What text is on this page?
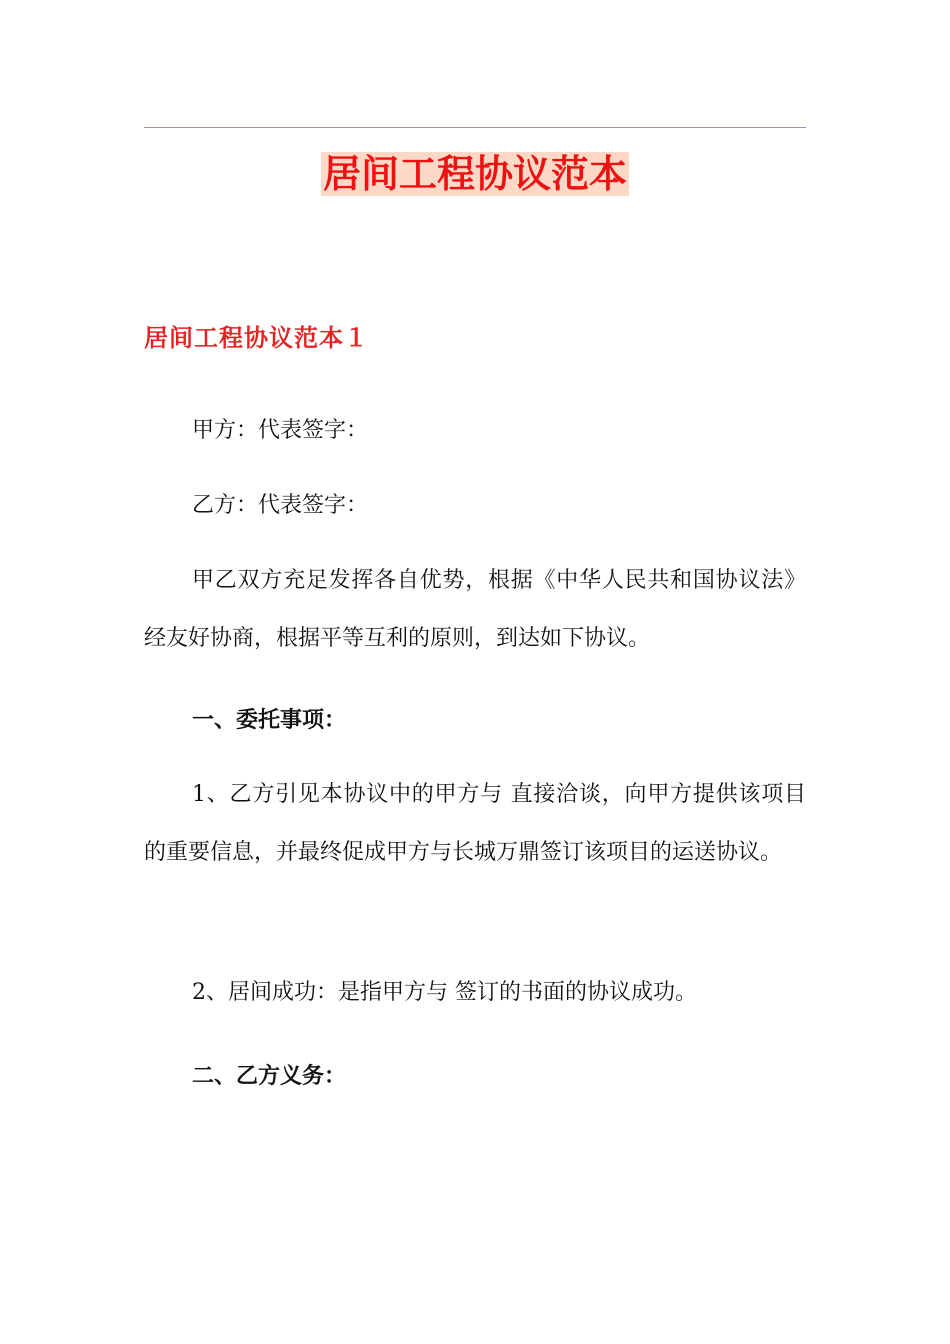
居间工程协议范本
居间工程协议范本１

甲方：代表签字：

乙方：代表签字：

甲乙双方充足发挥各自优势，根据《中华人民共和国协议法》经友好协商，根据平等互利的原则，到达如下协议。

一、委托事项：

1、乙方引见本协议中的甲方与 直接洽谈，向甲方提供该项目的重要信息，并最终促成甲方与长城万鼎签订该项目的运送协议。

2、居间成功：是指甲方与 签订的书面的协议成功。

二、乙方义务：
